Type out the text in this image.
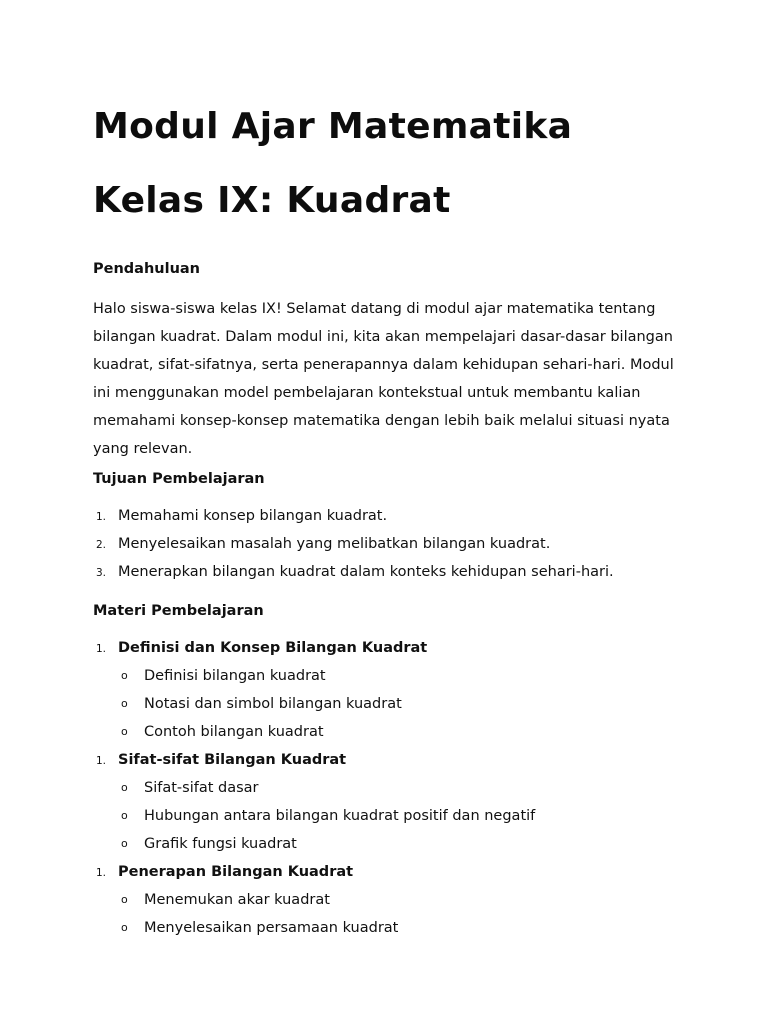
Modul Ajar Matematika
Kelas IX: Kuadrat

Pendahuluan

Halo siswa-siswa kelas IX! Selamat datang di modul ajar matematika tentang bilangan kuadrat. Dalam modul ini, kita akan mempelajari dasar-dasar bilangan kuadrat, sifat-sifatnya, serta penerapannya dalam kehidupan sehari-hari. Modul ini menggunakan model pembelajaran kontekstual untuk membantu kalian memahami konsep-konsep matematika dengan lebih baik melalui situasi nyata yang relevan.

Tujuan Pembelajaran

1. Memahami konsep bilangan kuadrat.
2. Menyelesaikan masalah yang melibatkan bilangan kuadrat.
3. Menerapkan bilangan kuadrat dalam konteks kehidupan sehari-hari.

Materi Pembelajaran

1. Definisi dan Konsep Bilangan Kuadrat
o Definisi bilangan kuadrat
o Notasi dan simbol bilangan kuadrat
o Contoh bilangan kuadrat
1. Sifat-sifat Bilangan Kuadrat
o Sifat-sifat dasar
o Hubungan antara bilangan kuadrat positif dan negatif
o Grafik fungsi kuadrat
1. Penerapan Bilangan Kuadrat
o Menemukan akar kuadrat
o Menyelesaikan persamaan kuadrat
